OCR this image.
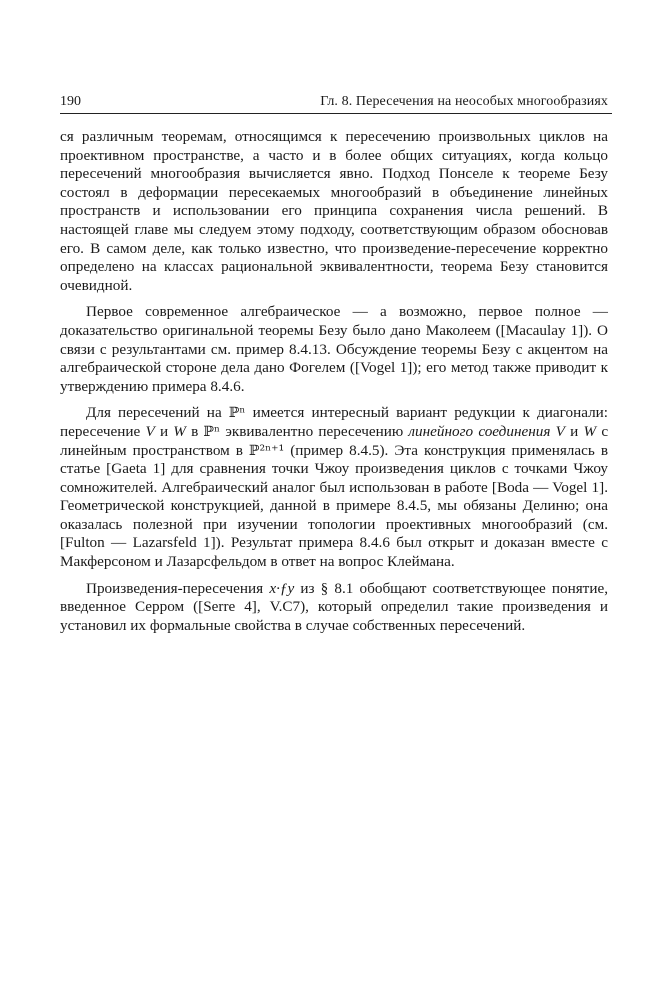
190	Гл. 8. Пересечения на неособых многообразиях

ся различным теоремам, относящимся к пересечению произвольных циклов на проективном пространстве, а часто и в более общих ситуациях, когда кольцо пересечений многообразия вычисляется явно. Подход Понселе к теореме Безу состоял в деформации пересекаемых многообразий в объединение линейных пространств и использовании его принципа сохранения числа решений. В настоящей главе мы следуем этому подходу, соответствующим образом обосновав его. В самом деле, как только известно, что произведение-пересечение корректно определено на классах рациональной эквивалентности, теорема Безу становится очевидной.

Первое современное алгебраическое — а возможно, первое полное — доказательство оригинальной теоремы Безу было дано Маколеем ([Macaulay 1]). О связи с результантами см. пример 8.4.13. Обсуждение теоремы Безу с акцентом на алгебраической стороне дела дано Фогелем ([Vogel 1]); его метод также приводит к утверждению примера 8.4.6.

Для пересечений на ℙⁿ имеется интересный вариант редукции к диагонали: пересечение V и W в ℙⁿ эквивалентно пересечению линейного соединения V и W с линейным пространством в ℙ²ⁿ⁺¹ (пример 8.4.5). Эта конструкция применялась в статье [Gaeta 1] для сравнения точки Чжоу произведения циклов с точками Чжоу сомножителей. Алгебраический аналог был использован в работе [Boda — Vogel 1]. Геометрической конструкцией, данной в примере 8.4.5, мы обязаны Делиню; она оказалась полезной при изучении топологии проективных многообразий (см. [Fulton — Lazarsfeld 1]). Результат примера 8.4.6 был открыт и доказан вместе с Макферсоном и Лазарсфельдом в ответ на вопрос Клеймана.

Произведения-пересечения x·ƒy из § 8.1 обобщают соответствующее понятие, введенное Серром ([Serre 4], V.C7), который определил такие произведения и установил их формальные свойства в случае собственных пересечений.
